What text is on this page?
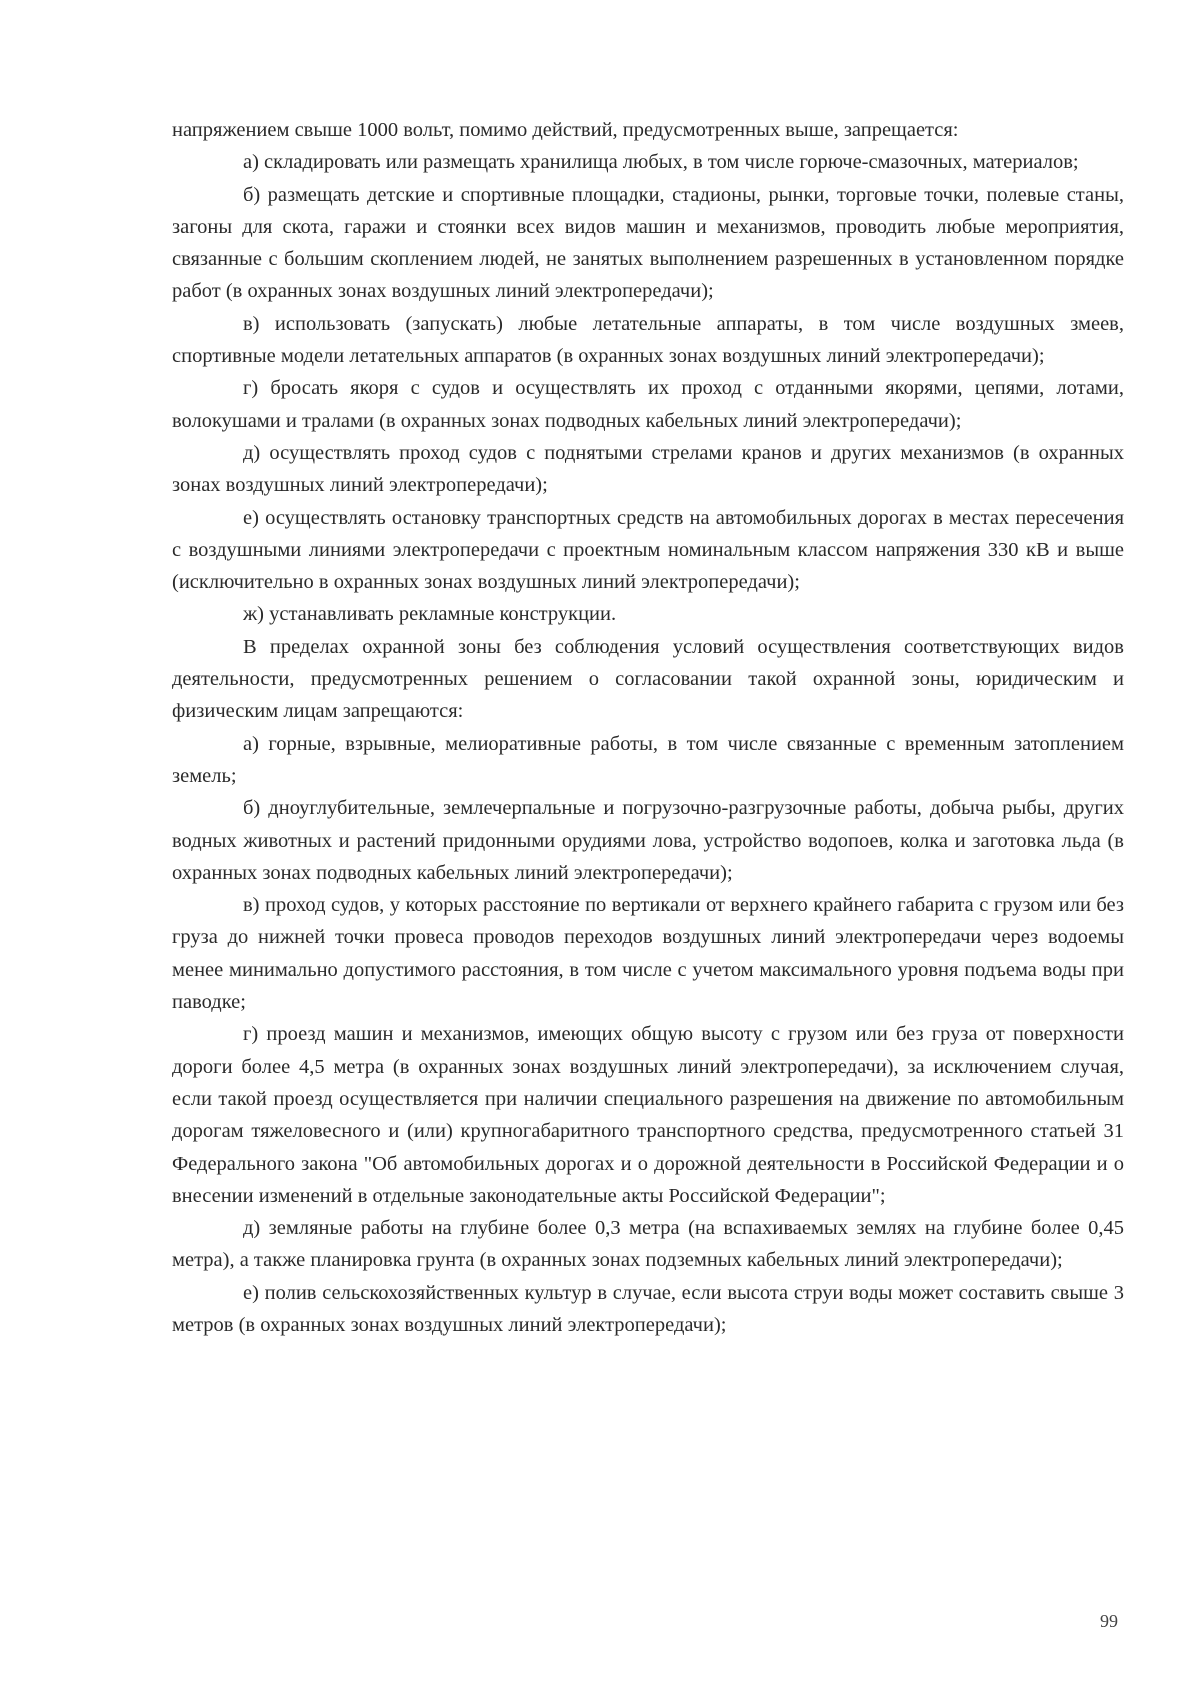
напряжением свыше 1000 вольт, помимо действий, предусмотренных выше, запрещается:

а) складировать или размещать хранилища любых, в том числе горюче-смазочных, материалов;

б) размещать детские и спортивные площадки, стадионы, рынки, торговые точки, полевые станы, загоны для скота, гаражи и стоянки всех видов машин и механизмов, проводить любые мероприятия, связанные с большим скоплением людей, не занятых выполнением разрешенных в установленном порядке работ (в охранных зонах воздушных линий электропередачи);

в) использовать (запускать) любые летательные аппараты, в том числе воздушных змеев, спортивные модели летательных аппаратов (в охранных зонах воздушных линий электропередачи);

г) бросать якоря с судов и осуществлять их проход с отданными якорями, цепями, лотами, волокушами и тралами (в охранных зонах подводных кабельных линий электропередачи);

д) осуществлять проход судов с поднятыми стрелами кранов и других механизмов (в охранных зонах воздушных линий электропередачи);

е) осуществлять остановку транспортных средств на автомобильных дорогах в местах пересечения с воздушными линиями электропередачи с проектным номинальным классом напряжения 330 кВ и выше (исключительно в охранных зонах воздушных линий электропередачи);

ж) устанавливать рекламные конструкции.

В пределах охранной зоны без соблюдения условий осуществления соответствующих видов деятельности, предусмотренных решением о согласовании такой охранной зоны, юридическим и физическим лицам запрещаются:

а) горные, взрывные, мелиоративные работы, в том числе связанные с временным затоплением земель;

б) дноуглубительные, землечерпальные и погрузочно-разгрузочные работы, добыча рыбы, других водных животных и растений придонными орудиями лова, устройство водопоев, колка и заготовка льда (в охранных зонах подводных кабельных линий электропередачи);

в) проход судов, у которых расстояние по вертикали от верхнего крайнего габарита с грузом или без груза до нижней точки провеса проводов переходов воздушных линий электропередачи через водоемы менее минимально допустимого расстояния, в том числе с учетом максимального уровня подъема воды при паводке;

г) проезд машин и механизмов, имеющих общую высоту с грузом или без груза от поверхности дороги более 4,5 метра (в охранных зонах воздушных линий электропередачи), за исключением случая, если такой проезд осуществляется при наличии специального разрешения на движение по автомобильным дорогам тяжеловесного и (или) крупногабаритного транспортного средства, предусмотренного статьей 31 Федерального закона "Об автомобильных дорогах и о дорожной деятельности в Российской Федерации и о внесении изменений в отдельные законодательные акты Российской Федерации";

д) земляные работы на глубине более 0,3 метра (на вспахиваемых землях на глубине более 0,45 метра), а также планировка грунта (в охранных зонах подземных кабельных линий электропередачи);

е) полив сельскохозяйственных культур в случае, если высота струи воды может составить свыше 3 метров (в охранных зонах воздушных линий электропередачи);

99
